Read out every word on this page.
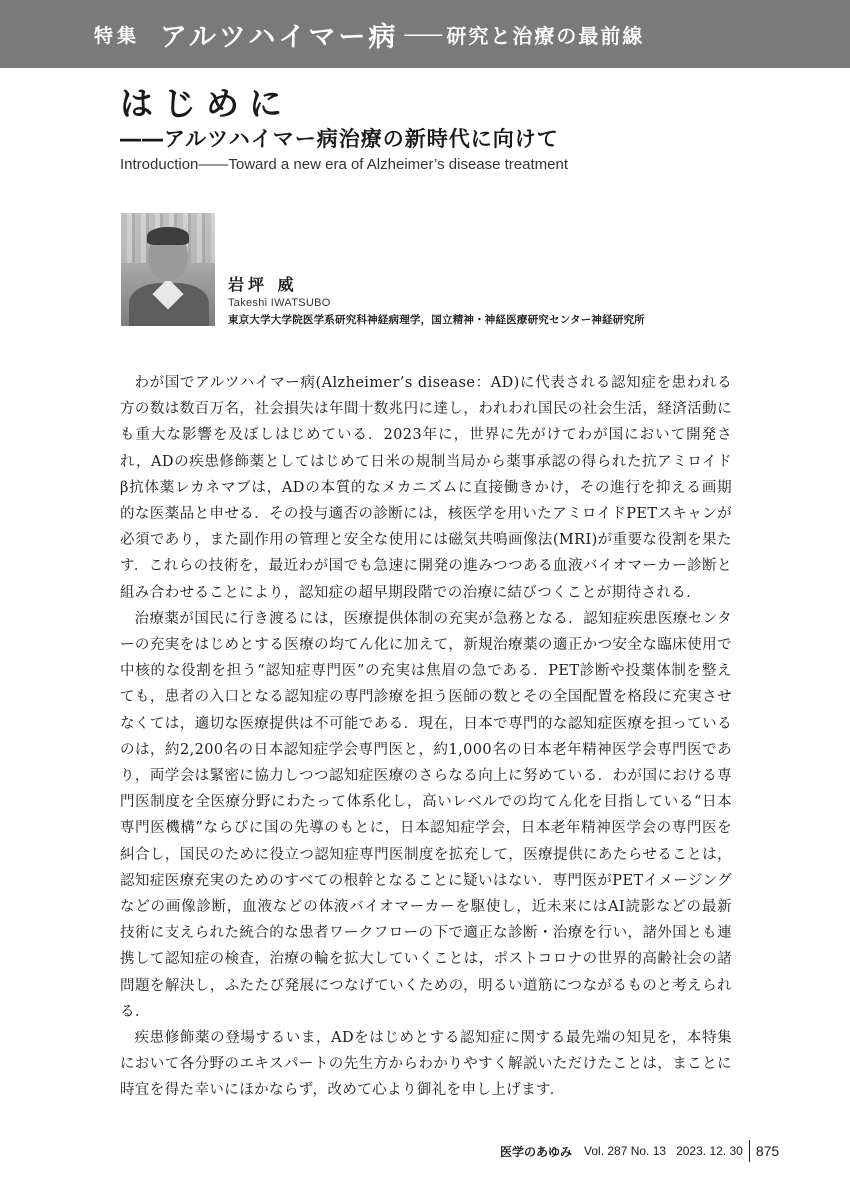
特集 アルツハイマー病 ―― 研究と治療の最前線
はじめに
――アルツハイマー病治療の新時代に向けて

Introduction――Toward a new era of Alzheimer’s disease treatment

岩坪 威

Takeshi IWATSUBO

東京大学大学院医学系研究科神経病理学，国立精神・神経医療研究センター神経研究所

わが国でアルツハイマー病(Alzheimer’s disease：AD)に代表される認知症を患われる方の数は数百万名，社会損失は年間十数兆円に達し，われわれ国民の社会生活，経済活動にも重大な影響を及ぼしはじめている．2023年に，世界に先がけてわが国において開発され，ADの疾患修飾薬としてはじめて日米の規制当局から薬事承認の得られた抗アミロイドβ抗体薬レカネマブは，ADの本質的なメカニズムに直接働きかけ，その進行を抑える画期的な医薬品と申せる．その投与適否の診断には，核医学を用いたアミロイドPETスキャンが必須であり，また副作用の管理と安全な使用には磁気共鳴画像法(MRI)が重要な役割を果たす．これらの技術を，最近わが国でも急速に開発の進みつつある血液バイオマーカー診断と組み合わせることにより，認知症の超早期段階での治療に結びつくことが期待される．

治療薬が国民に行き渡るには，医療提供体制の充実が急務となる．認知症疾患医療センターの充実をはじめとする医療の均てん化に加えて，新規治療薬の適正かつ安全な臨床使用で中核的な役割を担う“認知症専門医”の充実は焦眉の急である．PET診断や投薬体制を整えても，患者の入口となる認知症の専門診療を担う医師の数とその全国配置を格段に充実させなくては，適切な医療提供は不可能である．現在，日本で専門的な認知症医療を担っているのは，約2,200名の日本認知症学会専門医と，約1,000名の日本老年精神医学会専門医であり，両学会は緊密に協力しつつ認知症医療のさらなる向上に努めている．わが国における専門医制度を全医療分野にわたって体系化し，高いレベルでの均てん化を目指している“日本専門医機構”ならびに国の先導のもとに，日本認知症学会，日本老年精神医学会の専門医を糾合し，国民のために役立つ認知症専門医制度を拡充して，医療提供にあたらせることは，認知症医療充実のためのすべての根幹となることに疑いはない．専門医がPETイメージングなどの画像診断，血液などの体液バイオマーカーを駆使し，近未来にはAI読影などの最新技術に支えられた統合的な患者ワークフローの下で適正な診断・治療を行い，諸外国とも連携して認知症の検査，治療の輪を拡大していくことは，ポストコロナの世界的高齢社会の諸問題を解決し，ふたたび発展につなげていくための，明るい道筋につながるものと考えられる．

疾患修飾薬の登場するいま，ADをはじめとする認知症に関する最先端の知見を，本特集において各分野のエキスパートの先生方からわかりやすく解説いただけたことは，まことに時宜を得た幸いにほかならず，改めて心より御礼を申し上げます．

医学のあゆみ Vol. 287 No. 13 2023. 12. 30 875
